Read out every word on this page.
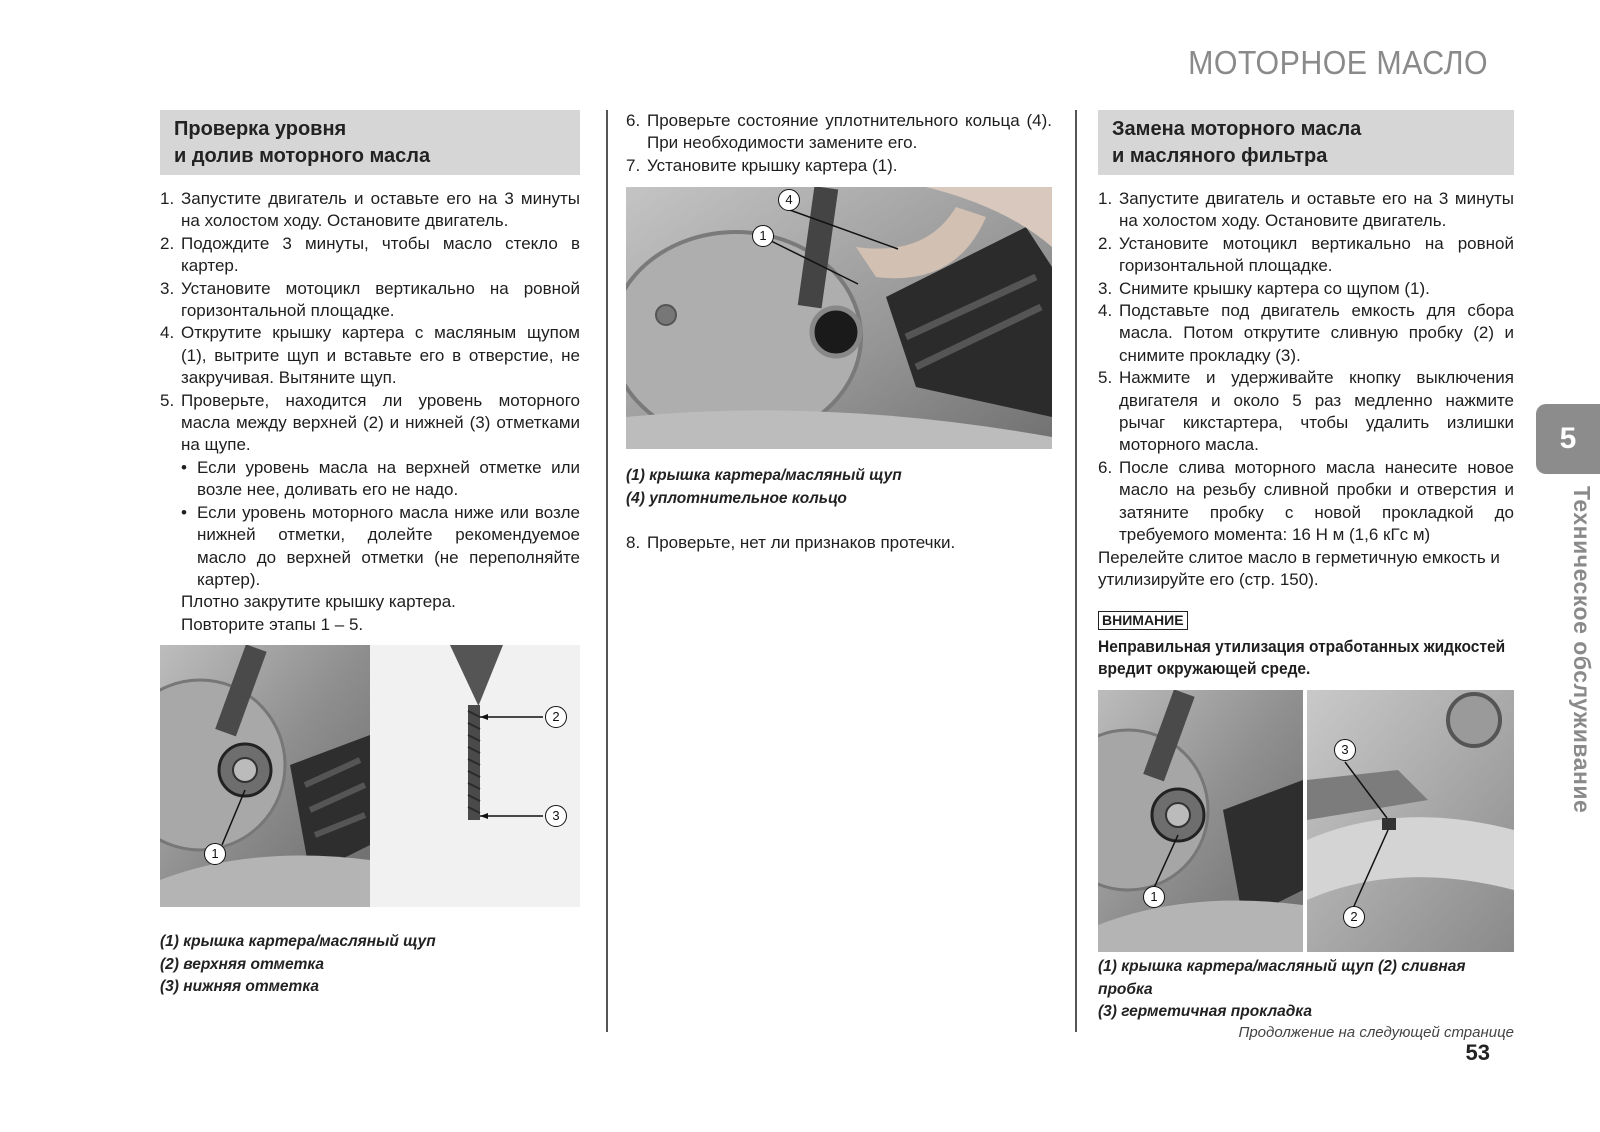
МОТОРНОЕ МАСЛО
Проверка уровня
и долив моторного масла
1. Запустите двигатель и оставьте его на 3 минуты на холостом ходу. Остановите двигатель.
2. Подождите 3 минуты, чтобы масло стекло в картер.
3. Установите мотоцикл вертикально на ровной горизонтальной площадке.
4. Открутите крышку картера с масляным щупом (1), вытрите щуп и вставьте его в отверстие, не закручивая. Вытяните щуп.
5. Проверьте, находится ли уровень моторного масла между верхней (2) и нижней (3) отметками на щупе.
• Если уровень масла на верхней отметке или возле нее, доливать его не надо.
• Если уровень моторного масла ниже или возле нижней отметки, долейте рекомендуемое масло до верхней отметки (не переполняйте картер).
Плотно закрутите крышку картера.
Повторите этапы 1 – 5.
1
2
3
(1) крышка картера/масляный щуп
(2) верхняя отметка
(3) нижняя отметка
6. Проверьте состояние уплотнительного кольца (4). При необходимости замените его.
7. Установите крышку картера (1).
4
1
(1) крышка картера/масляный щуп
(4) уплотнительное кольцо
8. Проверьте, нет ли признаков протечки.
Замена моторного масла
и масляного фильтра
1. Запустите двигатель и оставьте его на 3 минуты на холостом ходу. Остановите двигатель.
2. Установите мотоцикл вертикально на ровной горизонтальной площадке.
3. Снимите крышку картера со щупом (1).
4. Подставьте под двигатель емкость для сбора масла. Потом открутите сливную пробку (2) и снимите прокладку (3).
5. Нажмите и удерживайте кнопку выключения двигателя и около 5 раз медленно нажмите рычаг кикстартера, чтобы удалить излишки моторного масла.
6. После слива моторного масла нанесите новое масло на резьбу сливной пробки и отверстия и затяните пробку с новой прокладкой до требуемого момента: 16 Н м (1,6 кГс м)
Перелейте слитое масло в герметичную емкость и утилизируйте его (стр. 150).
ВНИМАНИЕ
Неправильная утилизация отработанных жидкостей вредит окружающей среде.
1
3
2
(1) крышка картера/масляный щуп (2) сливная пробка
(3) герметичная прокладка
Продолжение на следующей странице
5
Техническое обслуживание
53
